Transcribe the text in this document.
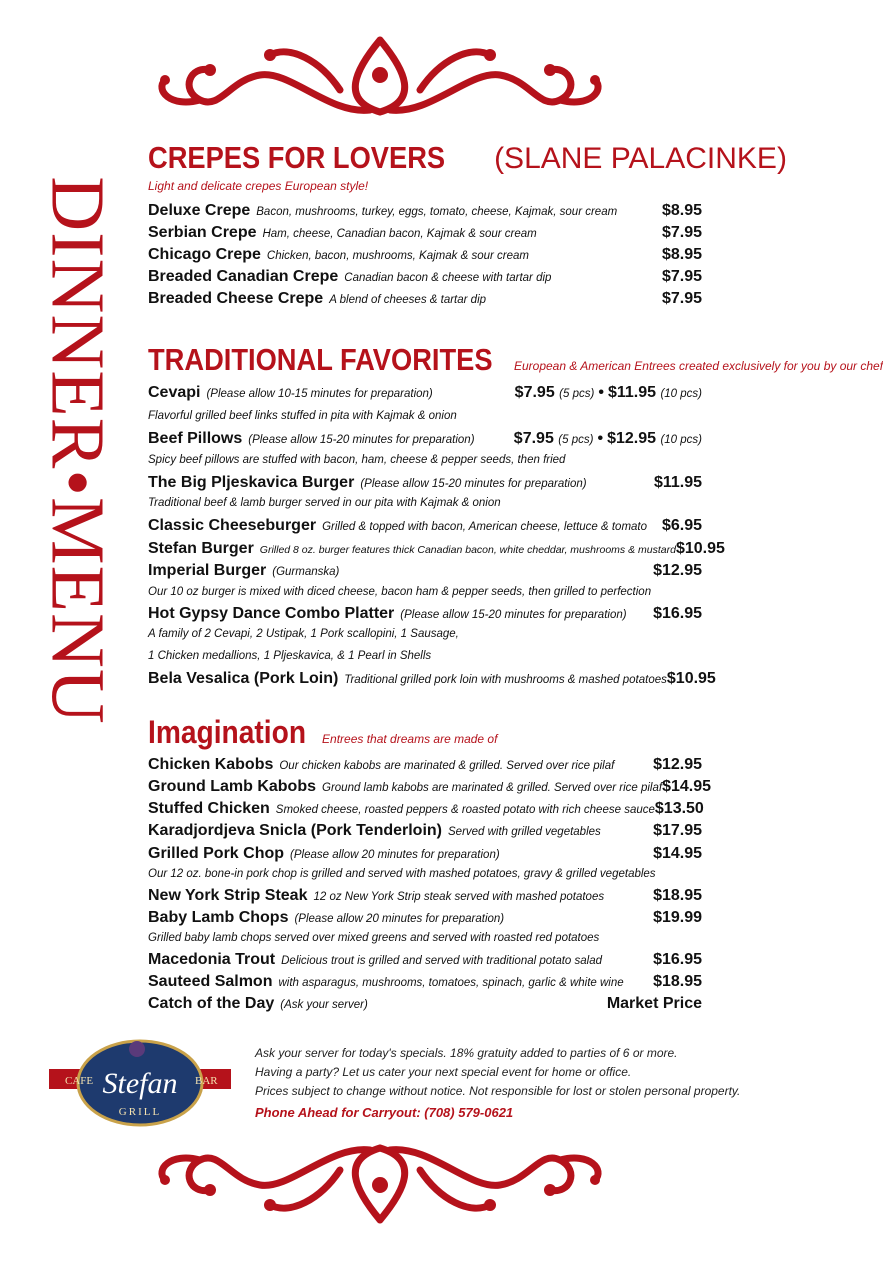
DINNER•MENU
CREPES FOR LOVERS (SLANE PALACINKE)
Light and delicate crepes European style!
Deluxe Crepe Bacon, mushrooms, turkey, eggs, tomato, cheese, Kajmak, sour cream	$8.95
Serbian Crepe Ham, cheese, Canadian bacon, Kajmak & sour cream	$7.95
Chicago Crepe Chicken, bacon, mushrooms, Kajmak & sour cream	$8.95
Breaded Canadian Crepe Canadian bacon & cheese with tartar dip	$7.95
Breaded Cheese Crepe A blend of cheeses & tartar dip	$7.95
TRADITIONAL FAVORITES European & American Entrees created exclusively for you by our chef
Cevapi (Please allow 10-15 minutes for preparation)	$7.95 (5 pcs) • $11.95 (10 pcs)
Flavorful grilled beef links stuffed in pita with Kajmak & onion
Beef Pillows (Please allow 15-20 minutes for preparation)	$7.95 (5 pcs) • $12.95 (10 pcs)
Spicy beef pillows are stuffed with bacon, ham, cheese & pepper seeds, then fried
The Big Pljeskavica Burger (Please allow 15-20 minutes for preparation)	$11.95
Traditional beef & lamb burger served in our pita with Kajmak & onion
Classic Cheeseburger Grilled & topped with bacon, American cheese, lettuce & tomato $6.95
Stefan Burger Grilled 8 oz. burger features thick Canadian bacon, white cheddar, mushrooms & mustard $10.95
Imperial Burger (Gurmanska)	$12.95
Our 10 oz burger is mixed with diced cheese, bacon ham & pepper seeds, then grilled to perfection
Hot Gypsy Dance Combo Platter (Please allow 15-20 minutes for preparation)	$16.95
A family of 2 Cevapi, 2 Ustipak, 1 Pork scallopini, 1 Sausage,
1 Chicken medallions, 1 Pljeskavica, & 1 Pearl in Shells
Bela Vesalica (Pork Loin) Traditional grilled pork loin with mushrooms & mashed potatoes $10.95
Imagination Entrees that dreams are made of
Chicken Kabobs Our chicken kabobs are marinated & grilled. Served over rice pilaf	$12.95
Ground Lamb Kabobs Ground lamb kabobs are marinated & grilled. Served over rice pilaf $14.95
Stuffed Chicken Smoked cheese, roasted peppers & roasted potato with rich cheese sauce $13.50
Karadjordjeva Snicla (Pork Tenderloin) Served with grilled vegetables	$17.95
Grilled Pork Chop (Please allow 20 minutes for preparation)	$14.95
Our 12 oz. bone-in pork chop is grilled and served with mashed potatoes, gravy & grilled vegetables
New York Strip Steak 12 oz New York Strip steak served with mashed potatoes	$18.95
Baby Lamb Chops (Please allow 20 minutes for preparation)	$19.99
Grilled baby lamb chops served over mixed greens and served with roasted red potatoes
Macedonia Trout Delicious trout is grilled and served with traditional potato salad	$16.95
Sauteed Salmon with asparagus, mushrooms, tomatoes, spinach, garlic & white wine	$18.95
Catch of the Day (Ask your server)	Market Price
CAFE	BAR
Stefan
GRILL
Ask your server for today's specials. 18% gratuity added to parties of 6 or more.
Having a party? Let us cater your next special event for home or office.
Prices subject to change without notice. Not responsible for lost or stolen personal property.
Phone Ahead for Carryout: (708) 579-0621
